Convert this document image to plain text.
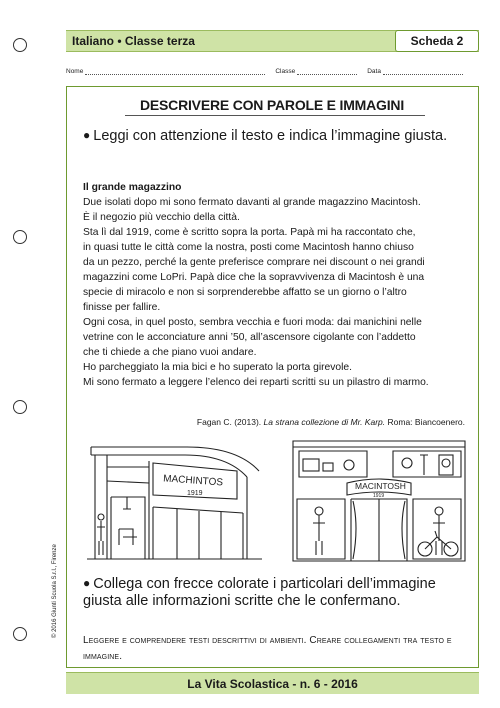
Italiano • Classe terza	Scheda 2
Nome	Classe	Data
DESCRIVERE CON PAROLE E IMMAGINI
● Leggi con attenzione il testo e indica l’immagine giusta.
Il grande magazzino
Due isolati dopo mi sono fermato davanti al grande magazzino Macintosh.
È il negozio più vecchio della città.
Sta lì dal 1919, come è scritto sopra la porta. Papà mi ha raccontato che,
in quasi tutte le città come la nostra, posti come Macintosh hanno chiuso
da un pezzo, perché la gente preferisce comprare nei discount o nei grandi
magazzini come LoPri. Papà dice che la sopravvivenza di Macintosh è una
specie di miracolo e non si sorprenderebbe affatto se un giorno o l’altro
finisse per fallire.
Ogni cosa, in quel posto, sembra vecchia e fuori moda: dai manichini nelle
vetrine con le acconciature anni ’50, all’ascensore cigolante con l’addetto
che ti chiede a che piano vuoi andare.
Ho parcheggiato la mia bici e ho superato la porta girevole.
Mi sono fermato a leggere l’elenco dei reparti scritti su un pilastro di marmo.
Fagan C. (2013). La strana collezione di Mr. Karp. Roma: Biancoenero.
MACHINTOS
1919
MACINTOSH
1919
● Collega con frecce colorate i particolari dell’immagine giusta alle informazioni scritte che le confermano.
Leggere e comprendere testi descrittivi di ambienti. Creare collegamenti tra testo e immagine.
La Vita Scolastica - n. 6 - 2016
© 2016 Giunti Scuola S.r.l., Firenze
